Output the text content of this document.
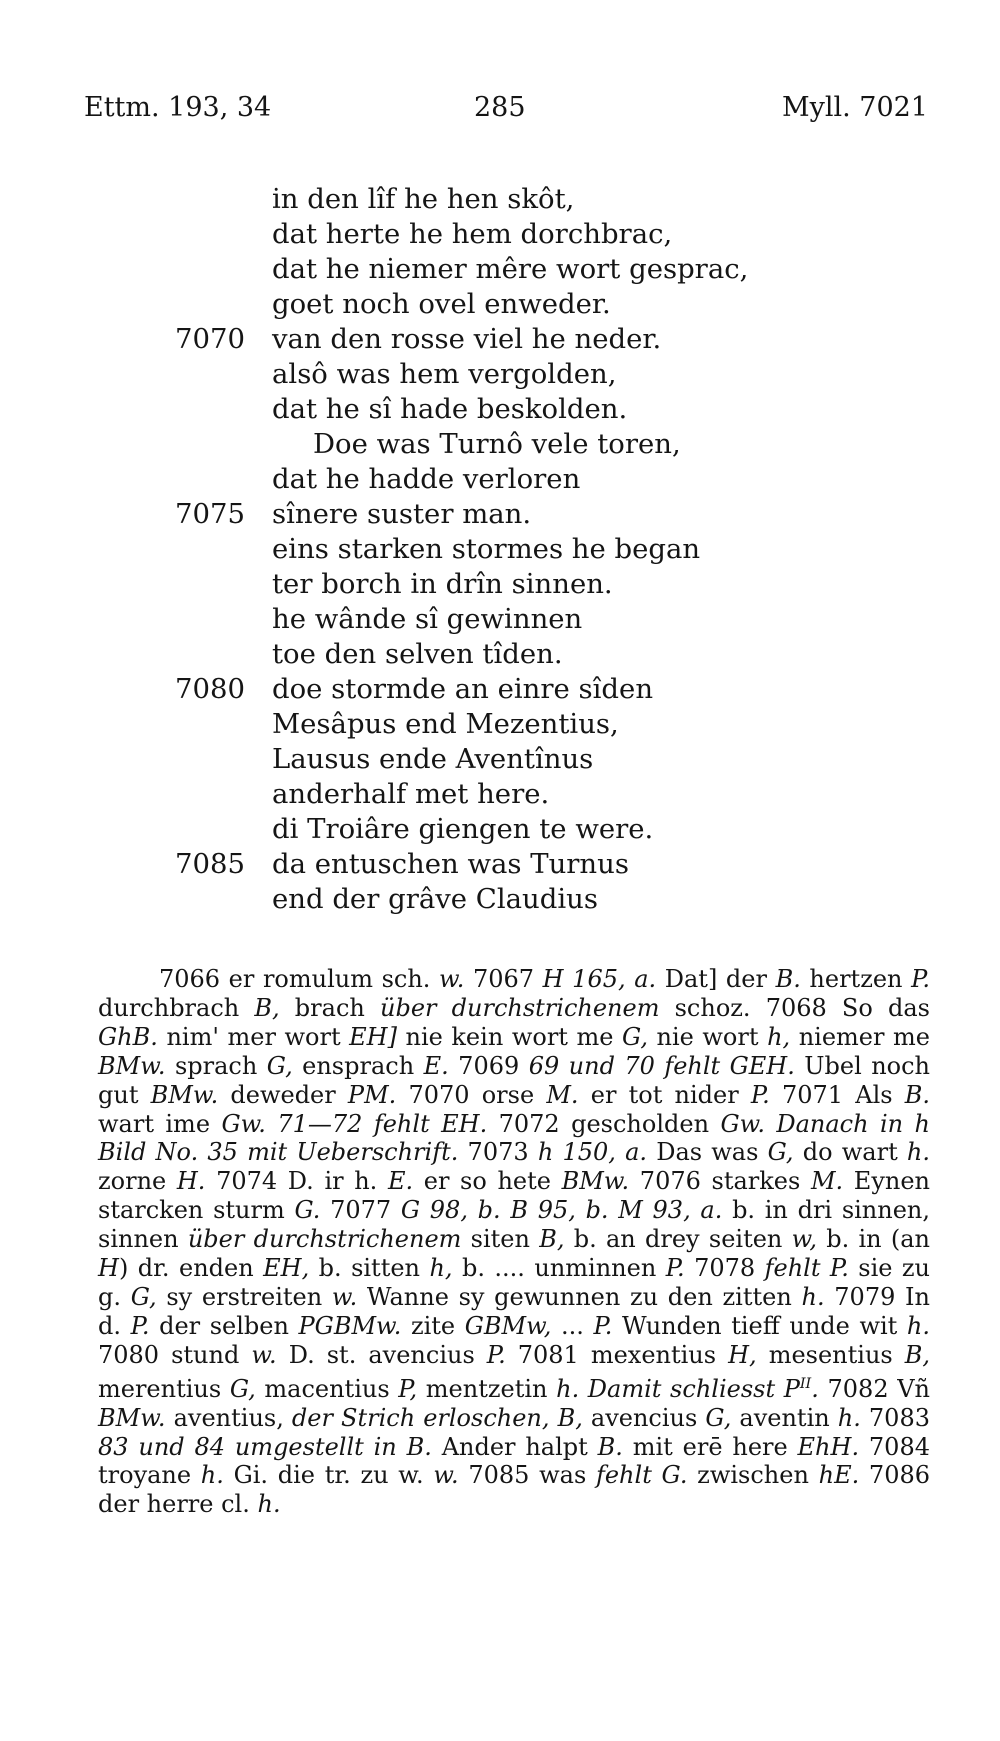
Ettm. 193, 34	285	Myll. 7021
in den lîf he hen skôt,
dat herte he hem dorchbrac,
dat he niemer mêre wort gesprac,
goet noch ovel enweder.
7070 van den rosse viel he neder.
alsô was hem vergolden,
dat he sî hade beskolden.
Doe was Turnô vele toren,
dat he hadde verloren
7075 sînere suster man.
eins starken stormes he began
ter borch in drîn sinnen.
he wânde sî gewinnen
toe den selven tîden.
7080 doe stormde an einre sîden
Mesâpus end Mezentius,
Lausus ende Aventînus
anderhalf met here.
di Troiâre giengen te were.
7085 da entuschen was Turnus
end der grâve Claudius

7066 er romulum sch. w. 7067 H 165, a. Dat] der B. hertzen P. durchbrach B, brach über durchstrichenem schoz. 7068 So das GhB. nim' mer wort EH] nie kein wort me G, nie wort h, niemer me BMw. sprach G, ensprach E. 7069 69 und 70 fehlt GEH. Ubel noch gut BMw. deweder PM. 7070 orse M. er tot nider P. 7071 Als B. wart ime Gw. 71—72 fehlt EH. 7072 gescholden Gw. Danach in h Bild No. 35 mit Ueberschrift. 7073 h 150, a. Das was G, do wart h. zorne H. 7074 D. ir h. E. er so hete BMw. 7076 starkes M. Eynen starcken sturm G. 7077 G 98, b. B 95, b. M 93, a. b. in dri sinnen, sinnen über durchstrichenem siten B, b. an drey seiten w, b. in (an H) dr. enden EH, b. sitten h, b. .... unminnen P. 7078 fehlt P. sie zu g. G, sy erstreiten w. Wanne sy gewunnen zu den zitten h. 7079 In d. P. der selben PGBMw. zite GBMw, ... P. Wunden tieff unde wit h. 7080 stund w. D. st. avencius P. 7081 mexentius H, mesentius B, merentius G, macentius P, mentzetin h. Damit schliesst $P^{II}$. 7082 Vñ BMw. aventius, der Strich erloschen, B, avencius G, aventin h. 7083 83 und 84 umgestellt in B. Ander halpt B. mit erē here EhH. 7084 troyane h. Gi. die tr. zu w. w. 7085 was fehlt G. zwischen hE. 7086 der herre cl. h.
